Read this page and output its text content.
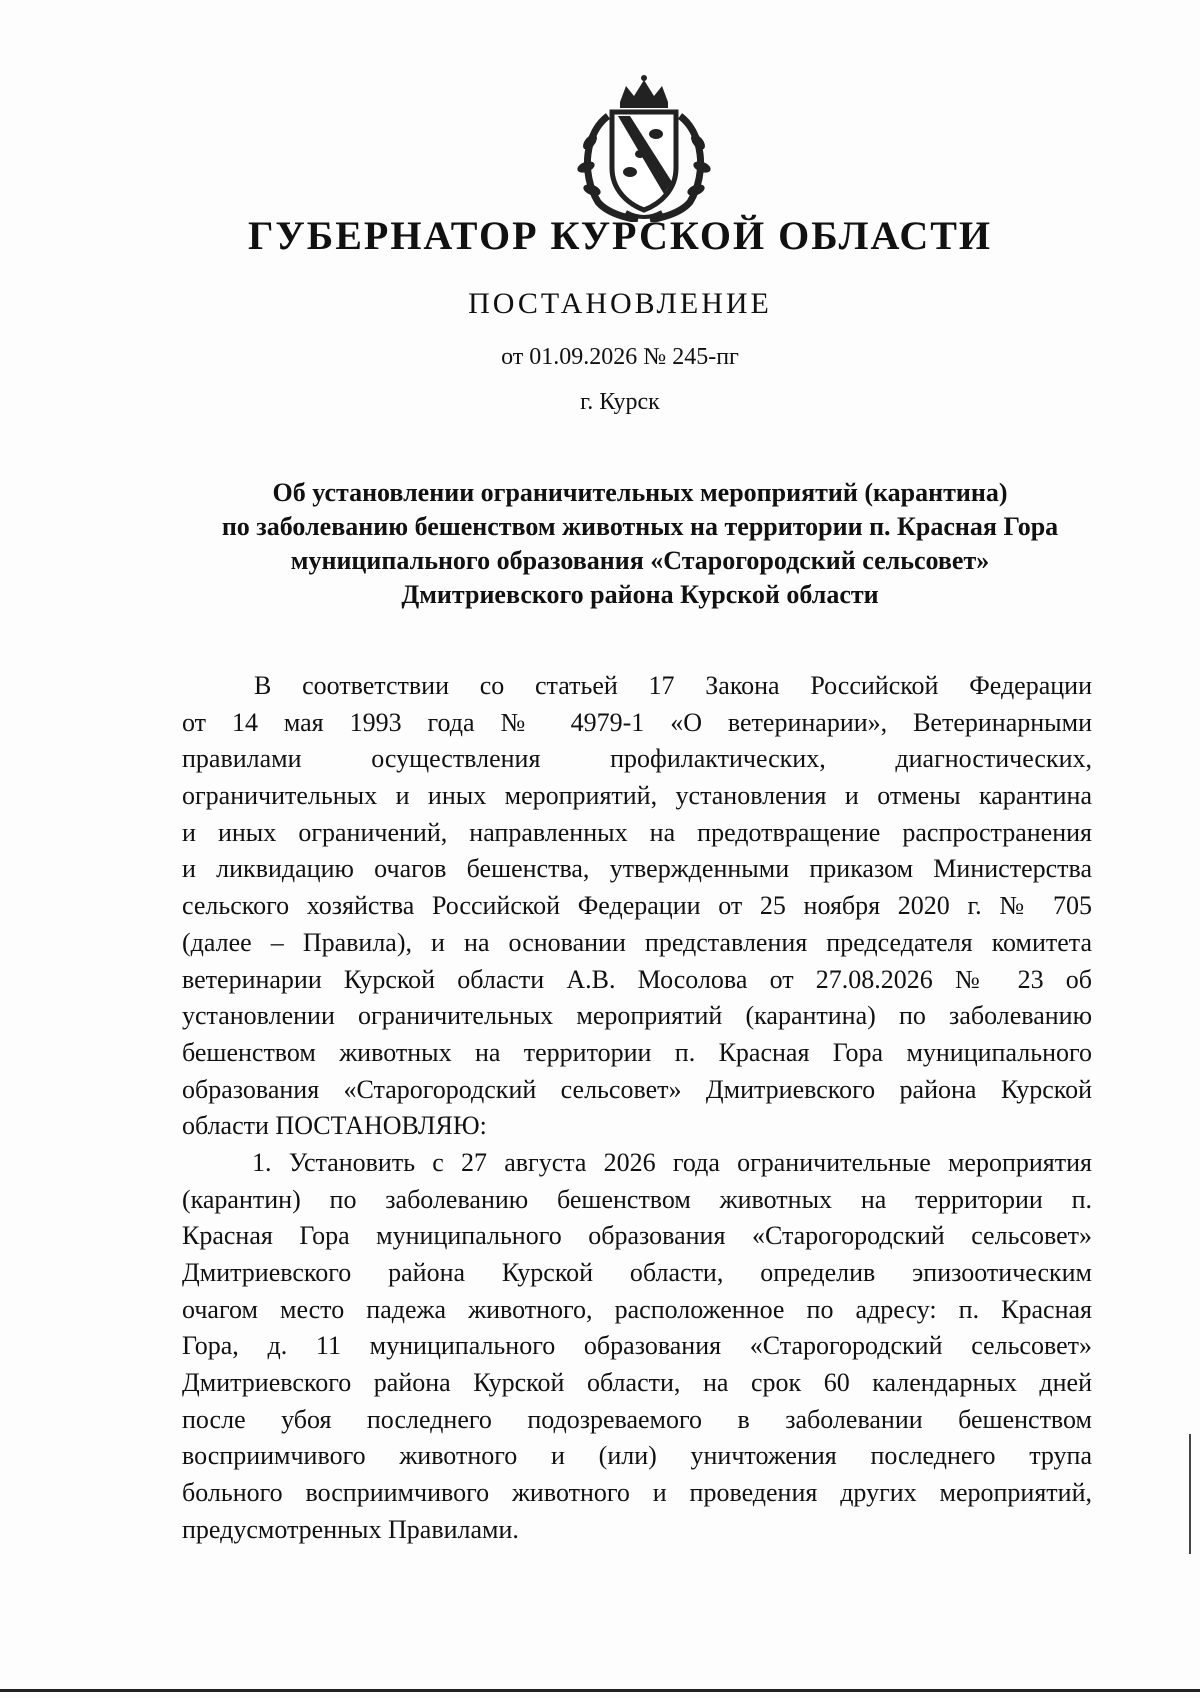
ГУБЕРНАТОР КУРСКОЙ ОБЛАСТИ
ПОСТАНОВЛЕНИЕ
от 01.09.2026 № 245-пг
г. Курск
Об установлении ограничительных мероприятий (карантина)
по заболеванию бешенством животных на территории п. Красная Гора
муниципального образования «Старогородский сельсовет»
Дмитриевского района Курской области
В соответствии со статьей 17 Закона Российской Федерации
от 14 мая 1993 года № 4979-1 «О ветеринарии», Ветеринарными
правилами осуществления профилактических, диагностических,
ограничительных и иных мероприятий, установления и отмены карантина
и иных ограничений, направленных на предотвращение распространения
и ликвидацию очагов бешенства, утвержденными приказом Министерства
сельского хозяйства Российской Федерации от 25 ноября 2020 г. № 705
(далее – Правила), и на основании представления председателя комитета
ветеринарии Курской области А.В. Мосолова от 27.08.2026 № 23 об
установлении ограничительных мероприятий (карантина) по заболеванию
бешенством животных на территории п. Красная Гора муниципального
образования «Старогородский сельсовет» Дмитриевского района Курской
области ПОСТАНОВЛЯЮ:
1. Установить с 27 августа 2026 года ограничительные мероприятия
(карантин) по заболеванию бешенством животных на территории п.
Красная Гора муниципального образования «Старогородский сельсовет»
Дмитриевского района Курской области, определив эпизоотическим
очагом место падежа животного, расположенное по адресу: п. Красная
Гора, д. 11 муниципального образования «Старогородский сельсовет»
Дмитриевского района Курской области, на срок 60 календарных дней
после убоя последнего подозреваемого в заболевании бешенством
восприимчивого животного и (или) уничтожения последнего трупа
больного восприимчивого животного и проведения других мероприятий,
предусмотренных Правилами.
